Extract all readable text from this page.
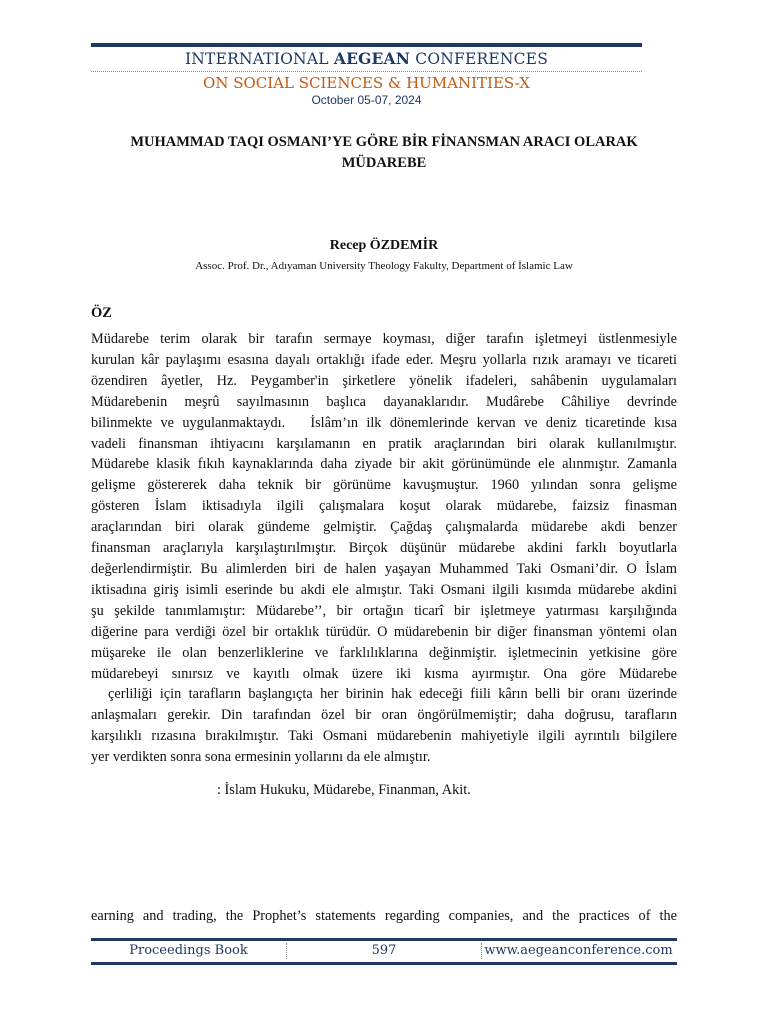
INTERNATIONAL AEGEAN CONFERENCES
ON SOCIAL SCIENCES & HUMANITIES-X
October 05-07, 2024
MUHAMMAD TAQI OSMANI’YE GÖRE BİR FİNANSMAN ARACI OLARAK
MÜDAREBE
Recep ÖZDEMİR
Assoc. Prof. Dr., Adıyaman University Theology Fakulty, Department of İslamic Law
ÖZ

Müdarebe terim olarak bir tarafın sermaye koyması, diğer tarafın işletmeyi üstlenmesiyle
kurulan kâr paylaşımı esasına dayalı ortaklığı ifade eder. Meşru yollarla rızık aramayı ve ticareti
özendiren âyetler, Hz. Peygamber'in şirketlere yönelik ifadeleri, sahâbenin uygulamaları
Müdarebenin meşrû sayılmasının başlıca dayanaklarıdır. Mudârebe Câhiliye devrinde
bilinmekte ve uygulanmaktaydı.   İslâm’ın ilk dönemlerinde kervan ve deniz ticaretinde kısa
vadeli finansman ihtiyacını karşılamanın en pratik araçlarından biri olarak kullanılmıştır.
Müdarebe klasik fıkıh kaynaklarında daha ziyade bir akit görünümünde ele alınmıştır. Zamanla
gelişme göstererek daha teknik bir görünüme kavuşmuştur. 1960 yılından sonra gelişme
gösteren İslam iktisadıyla ilgili çalışmalara koşut olarak müdarebe, faizsiz finasman
araçlarından biri olarak gündeme gelmiştir. Çağdaş çalışmalarda müdarebe akdi benzer
finansman araçlarıyla karşılaştırılmıştır. Birçok düşünür müdarebe akdini farklı boyutlarla
değerlendirmiştir. Bu alimlerden biri de halen yaşayan Muhammed Taki Osmani’dir. O İslam
iktisadına giriş isimli eserinde bu akdi ele almıştır. Taki Osmani ilgili kısımda müdarebe akdini
şu şekilde tanımlamıştır: Müdarebe’’, bir ortağın ticarî bir işletmeye yatırması karşılığında
diğerine para verdiği özel bir ortaklık türüdür. O müdarebenin bir diğer finansman yöntemi olan
müşareke ile olan benzerliklerine ve farklılıklarına değinmiştir. işletmecinin yetkisine göre
müdarebeyi sınırsız ve kayıtlı olmak üzere iki kısma ayırmıştır. Ona göre Müdarebe
çerliliği için tarafların başlangıçta her birinin hak edeceği fiili kârın belli bir oranı üzerinde
anlaşmaları gerekir. Din tarafından özel bir oran öngörülmemiştir; daha doğrusu, tarafların
karşılıklı rızasına bırakılmıştır. Taki Osmani müdarebenin mahiyetiyle ilgili ayrıntılı bilgilere
yer verdikten sonra sona ermesinin yollarını da ele almıştır.

: İslam Hukuku, Müdarebe, Finanman, Akit.
earning and trading, the Prophet’s statements regarding companies, and the practices of the
Proceedings Book	597	www.aegeanconference.com
